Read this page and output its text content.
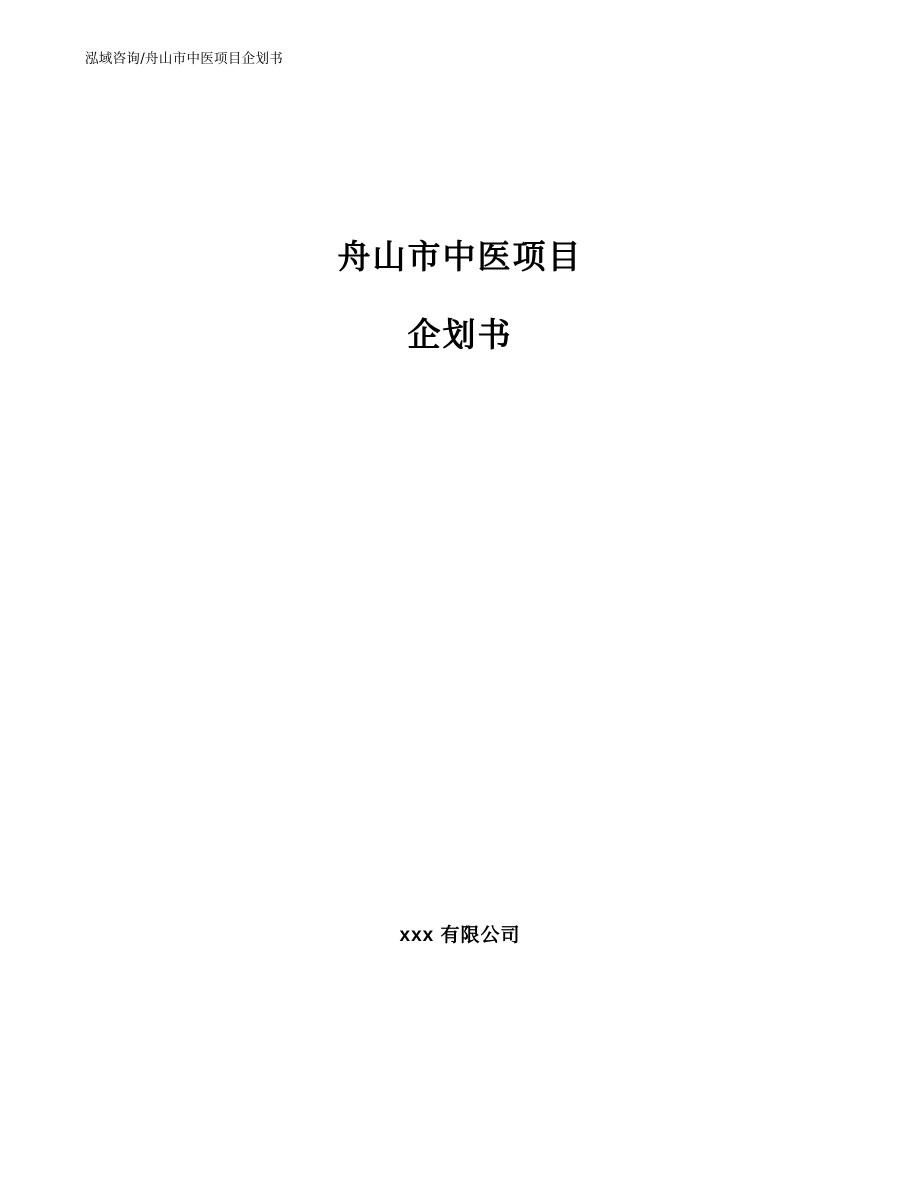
泓域咨询/舟山市中医项目企划书
舟山市中医项目
企划书
xxx 有限公司
